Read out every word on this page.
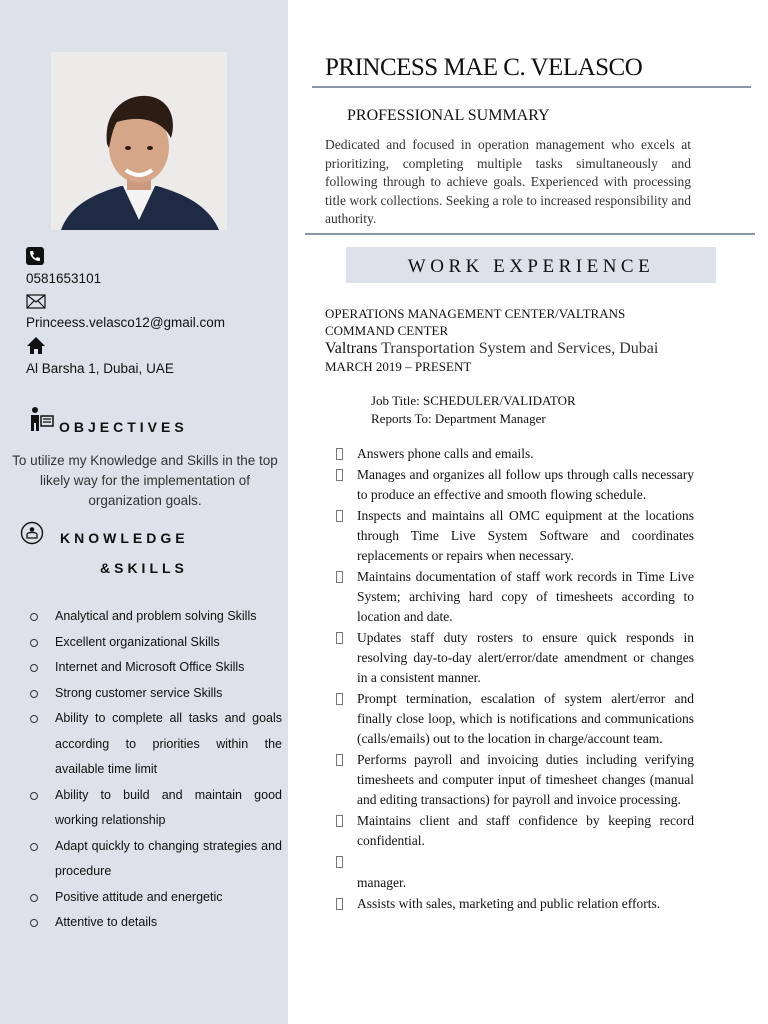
0581653101
Princeess.velasco12@gmail.com
Al Barsha 1, Dubai, UAE
OBJECTIVES
To utilize my Knowledge and Skills in the top likely way for the implementation of organization goals.
KNOWLEDGE
&SKILLS
Analytical and problem solving Skills
Excellent organizational Skills
Internet and Microsoft Office Skills
Strong customer service Skills
Ability to complete all tasks and goals according to priorities within the available time limit
Ability to build and maintain good working relationship
Adapt quickly to changing strategies and procedure
Positive attitude and energetic
Attentive to details
PRINCESS MAE C. VELASCO
PROFESSIONAL SUMMARY
Dedicated and focused in operation management who excels at prioritizing, completing multiple tasks simultaneously and following through to achieve goals. Experienced with processing title work collections. Seeking a role to increased responsibility and authority.
WORK EXPERIENCE
OPERATIONS MANAGEMENT CENTER/VALTRANS COMMAND CENTER
Valtrans Transportation System and Services, Dubai
MARCH 2019 – PRESENT
Job Title: SCHEDULER/VALIDATOR
Reports To: Department Manager
Answers phone calls and emails.
Manages and organizes all follow ups through calls necessary to produce an effective and smooth flowing schedule.
Inspects and maintains all OMC equipment at the locations through Time Live System Software and coordinates replacements or repairs when necessary.
Maintains documentation of staff work records in Time Live System; archiving hard copy of timesheets according to location and date.
Updates staff duty rosters to ensure quick responds in resolving day-to-day alert/error/date amendment or changes in a consistent manner.
Prompt termination, escalation of system alert/error and finally close loop, which is notifications and communications (calls/emails) out to the location in charge/account team.
Performs payroll and invoicing duties including verifying timesheets and computer input of timesheet changes (manual and editing transactions) for payroll and invoice processing.
Maintains client and staff confidence by keeping record confidential.
manager.
Assists with sales, marketing and public relation efforts.
